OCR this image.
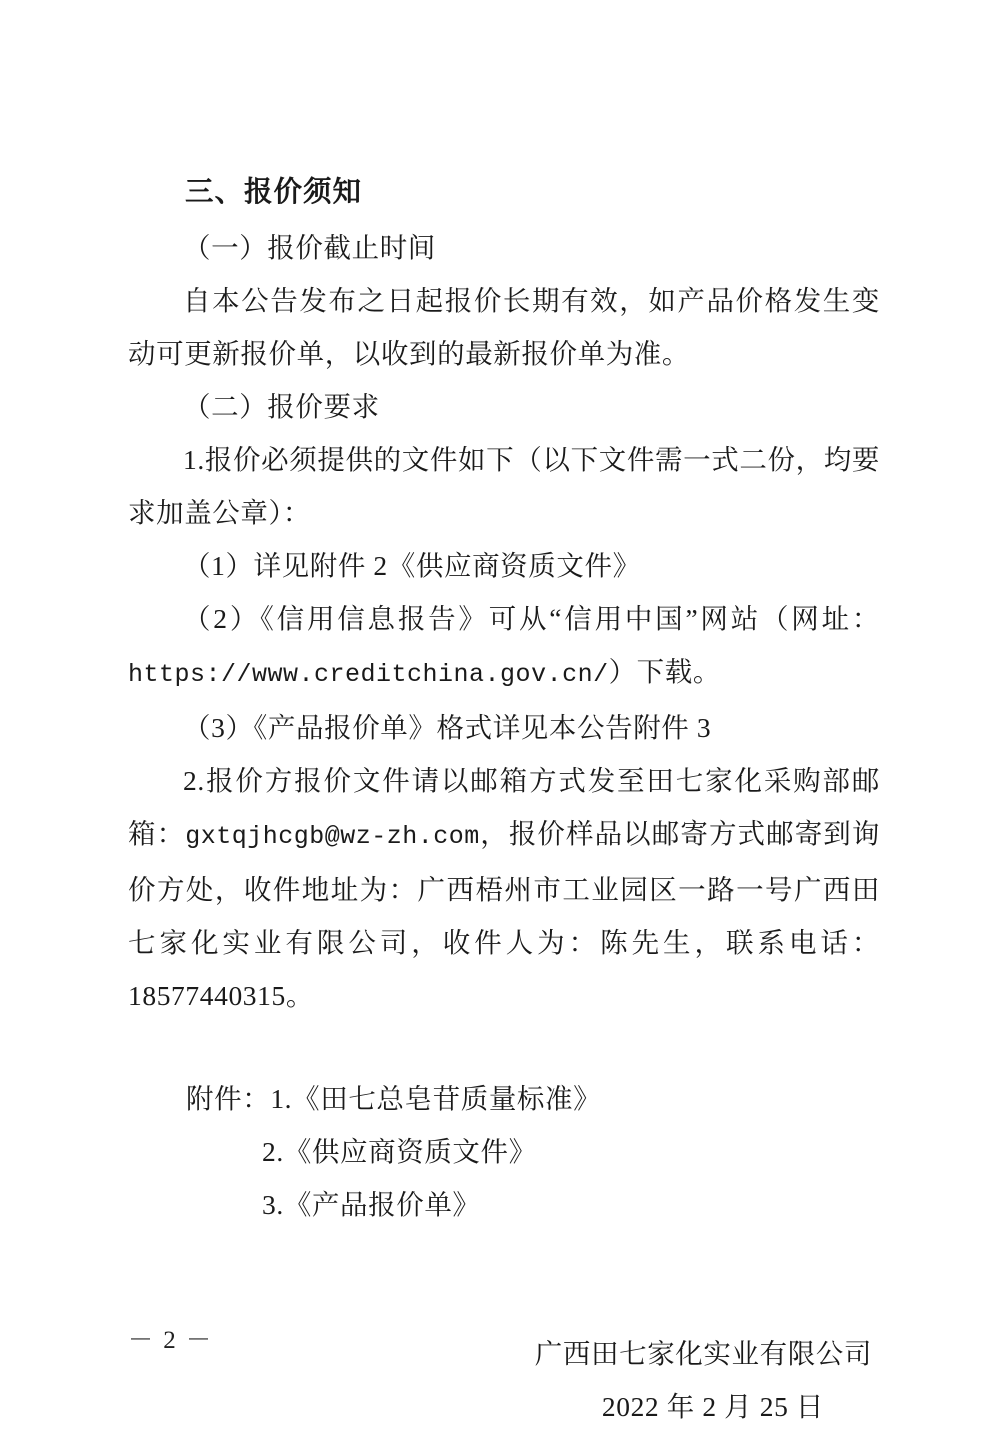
三、报价须知

（一）报价截止时间

自本公告发布之日起报价长期有效，如产品价格发生变动可更新报价单，以收到的最新报价单为准。

（二）报价要求

1.报价必须提供的文件如下（以下文件需一式二份，均要求加盖公章）：

（1）详见附件 2《供应商资质文件》

（2）《信用信息报告》可从“信用中国”网站（网址：https://www.creditchina.gov.cn/）下载。

（3）《产品报价单》格式详见本公告附件 3

2.报价方报价文件请以邮箱方式发至田七家化采购部邮箱：gxtqjhcgb@wz-zh.com，报价样品以邮寄方式邮寄到询价方处，收件地址为：广西梧州市工业园区一路一号广西田七家化实业有限公司，收件人为：陈先生，联系电话：18577440315。

附件：1.《田七总皂苷质量标准》

2.《供应商资质文件》

3.《产品报价单》

广西田七家化实业有限公司
2022 年 2 月 25 日
－ 2 －
